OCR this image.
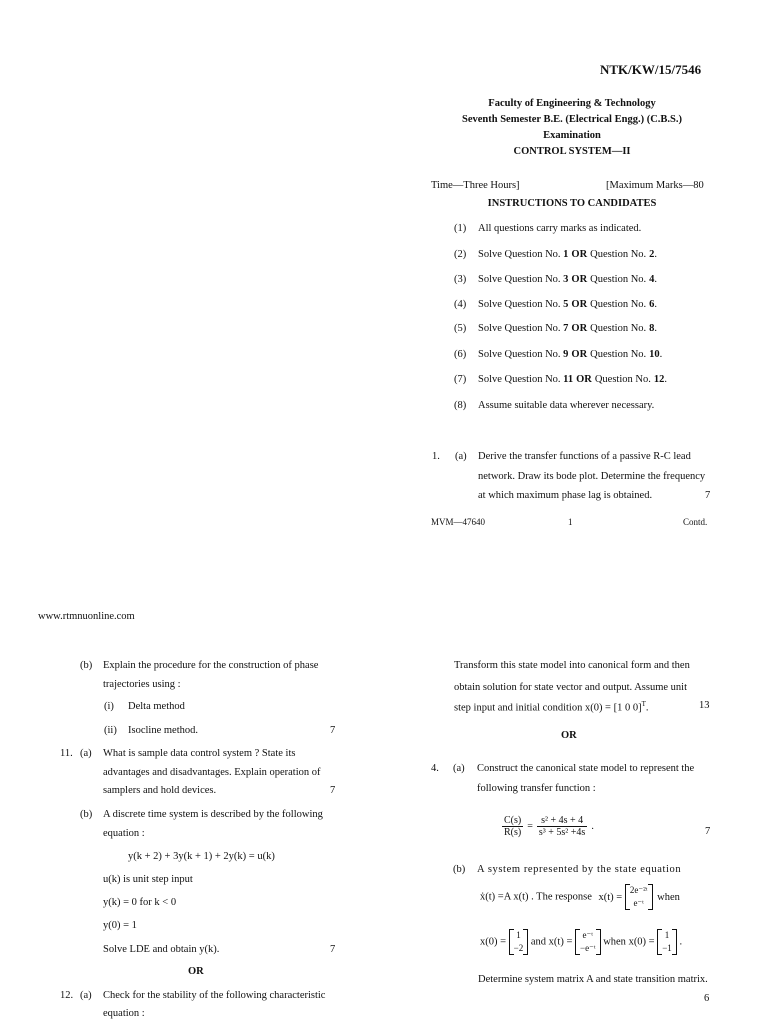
NTK/KW/15/7546
Faculty of Engineering & Technology
Seventh Semester B.E. (Electrical Engg.) (C.B.S.)
Examination
CONTROL SYSTEM—II
Time—Three Hours]	[Maximum Marks—80
INSTRUCTIONS TO CANDIDATES
(1) All questions carry marks as indicated.
(2) Solve Question No. 1 OR Question No. 2.
(3) Solve Question No. 3 OR Question No. 4.
(4) Solve Question No. 5 OR Question No. 6.
(5) Solve Question No. 7 OR Question No. 8.
(6) Solve Question No. 9 OR Question No. 10.
(7) Solve Question No. 11 OR Question No. 12.
(8) Assume suitable data wherever necessary.
1. (a) Derive the transfer functions of a passive R-C lead
network. Draw its bode plot. Determine the frequency
at which maximum phase lag is obtained.	7
MVM—47640	1	Contd.
www.rtmnuonline.com
(b) Explain the procedure for the construction of phase
trajectories using :
(i) Delta method
(ii) Isocline method.	7
11. (a) What is sample data control system ? State its
advantages and disadvantages. Explain operation of
samplers and hold devices.	7
(b) A discrete time system is described by the following
equation :
y(k + 2) + 3y(k + 1) + 2y(k) = u(k)
u(k) is unit step input
y(k) = 0 for k < 0
y(0) = 1
Solve LDE and obtain y(k).	7
OR
12. (a) Check for the stability of the following characteristic
equation :
Transform this state model into canonical form and then
obtain solution for state vector and output. Assume unit
step input and initial condition x(0) = [1 0 0]$^T$.	13
OR
4. (a) Construct the canonical state model to represent the
following transfer function :
$\frac{C(s)}{R(s)} = \frac{\text{s² + 4s + 4}}{\text{s³ + 5s² +4s}}$ .	7
(b) A system represented by the state equation
ẋ(t) =A x(t) . The response x(t) = 2e⁻²ᵗ
e⁻ᵗ when
x(0) = 1
−2 and x(t) = e⁻ᵗ
−e⁻ᵗ when x(0) = 1
−1 .
Determine system matrix A and state transition matrix.
6
